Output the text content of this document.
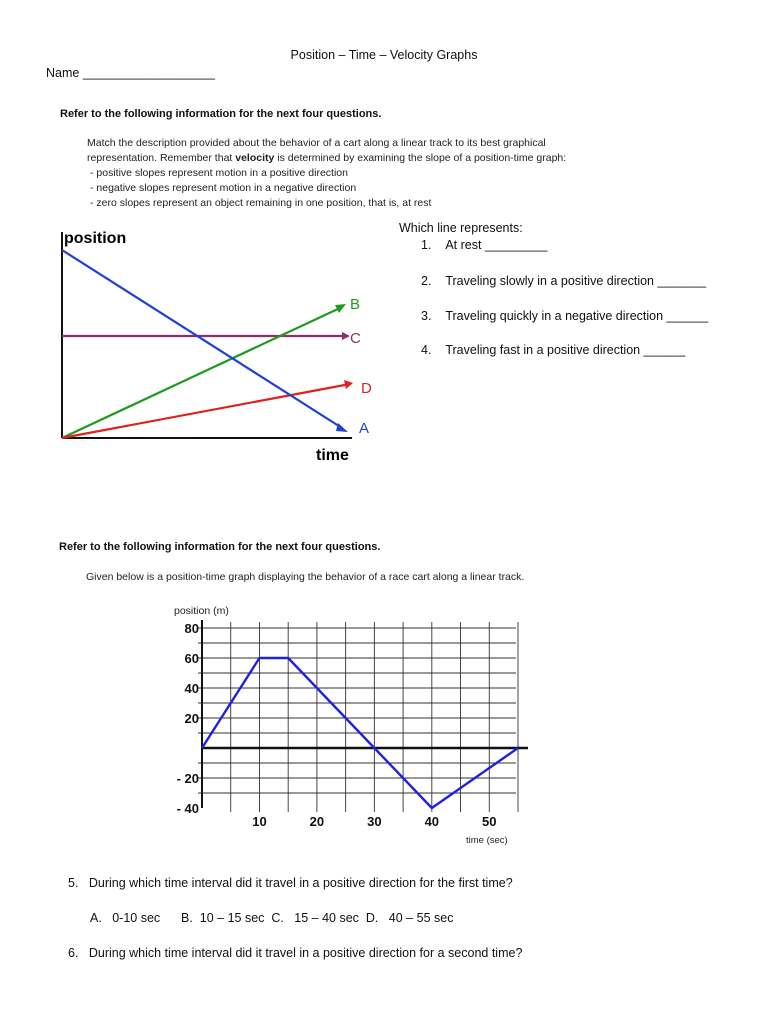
Position – Time – Velocity Graphs
Name ___________________
Refer to the following information for the next four questions.
Match the description provided about the behavior of a cart along a linear track to its best graphical
representation. Remember that velocity is determined by examining the slope of a position-time graph:
- positive slopes represent motion in a positive direction
- negative slopes represent motion in a negative direction
- zero slopes represent an object remaining in one position, that is, at rest
position
time
B
C
D
A
Which line represents:
1. At rest _________
2. Traveling slowly in a positive direction _______
3. Traveling quickly in a negative direction ______
4. Traveling fast in a positive direction ______
Refer to the following information for the next four questions.
Given below is a position-time graph displaying the behavior of a race cart along a linear track.
position (m)
time (sec)
80
60
40
20
- 20
- 40
10	20	30	40	50
5. During which time interval did it travel in a positive direction for the first time?
A.   0-10 sec B.  10 – 15 sec C.   15 – 40 sec D.   40 – 55 sec
6. During which time interval did it travel in a positive direction for a second time?
